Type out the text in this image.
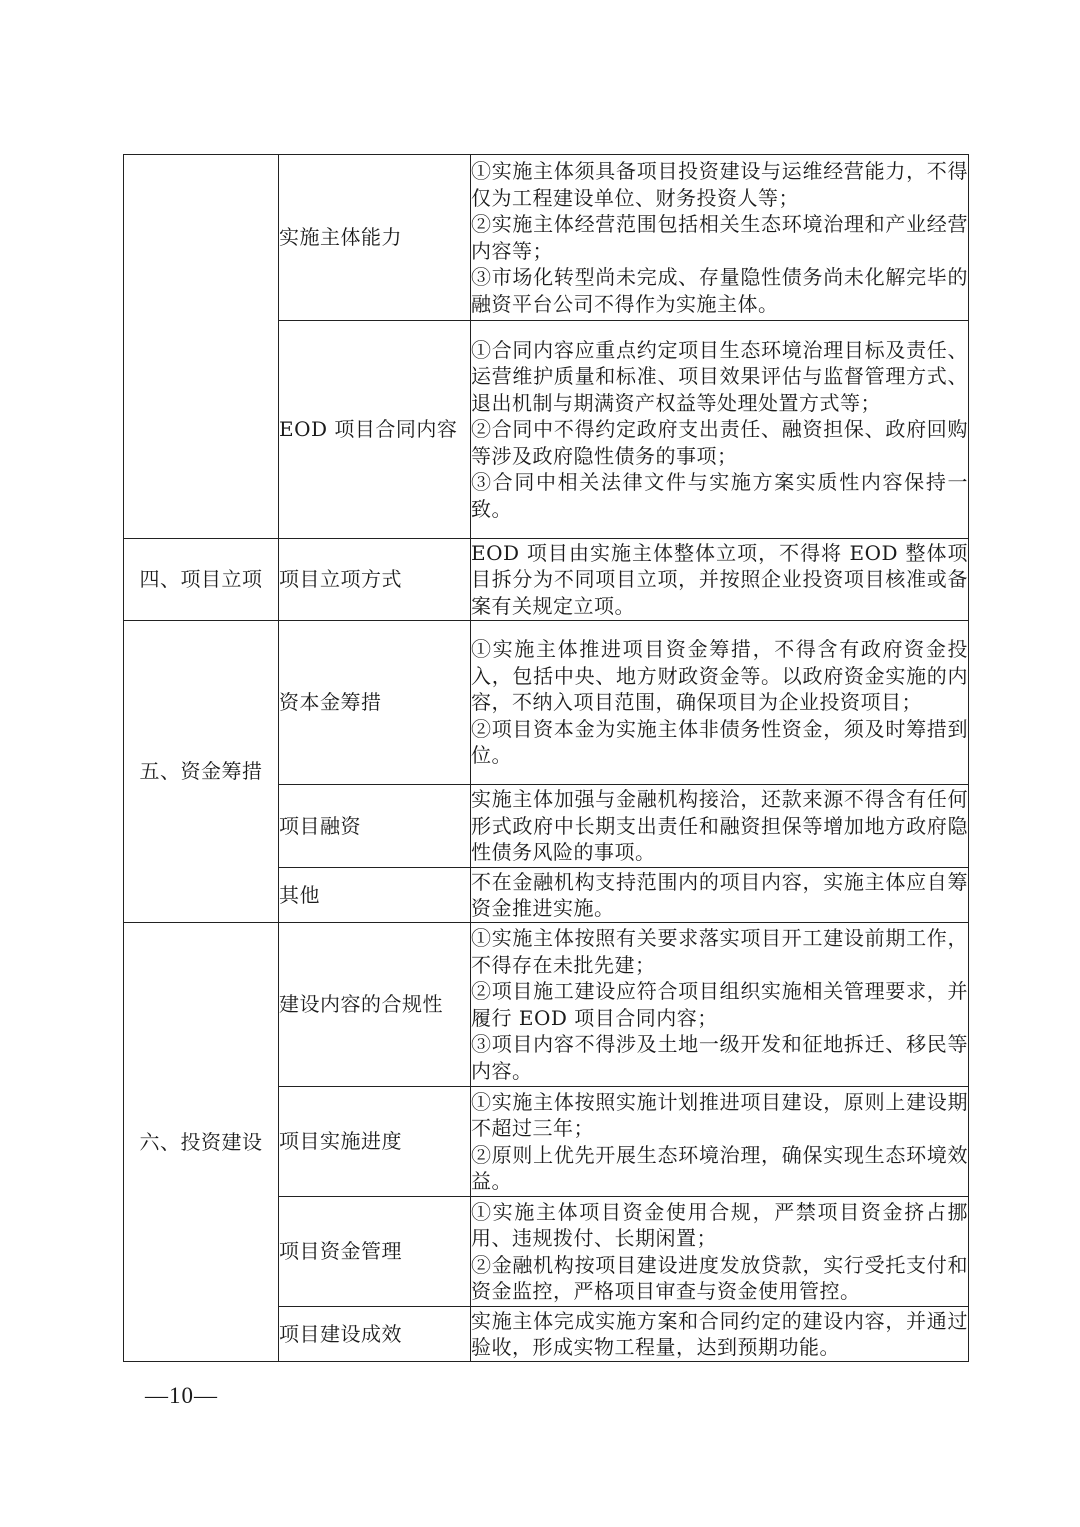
	实施主体能力	①实施主体须具备项目投资建设与运维经营能力，不得仅为工程建设单位、财务投资人等；
②实施主体经营范围包括相关生态环境治理和产业经营内容等；
③市场化转型尚未完成、存量隐性债务尚未化解完毕的融资平台公司不得作为实施主体。

	EOD 项目合同内容	①合同内容应重点约定项目生态环境治理目标及责任、运营维护质量和标准、项目效果评估与监督管理方式、退出机制与期满资产权益等处理处置方式等；
②合同中不得约定政府支出责任、融资担保、政府回购等涉及政府隐性债务的事项；
③合同中相关法律文件与实施方案实质性内容保持一致。

四、项目立项	项目立项方式	EOD 项目由实施主体整体立项，不得将 EOD 整体项目拆分为不同项目立项，并按照企业投资项目核准或备案有关规定立项。

五、资金筹措	资本金筹措	①实施主体推进项目资金筹措，不得含有政府资金投入，包括中央、地方财政资金等。以政府资金实施的内容，不纳入项目范围，确保项目为企业投资项目；
②项目资本金为实施主体非债务性资金，须及时筹措到位。

	项目融资	实施主体加强与金融机构接洽，还款来源不得含有任何形式政府中长期支出责任和融资担保等增加地方政府隐性债务风险的事项。

	其他	不在金融机构支持范围内的项目内容，实施主体应自筹资金推进实施。

六、投资建设	建设内容的合规性	①实施主体按照有关要求落实项目开工建设前期工作，不得存在未批先建；
②项目施工建设应符合项目组织实施相关管理要求，并履行 EOD 项目合同内容；
③项目内容不得涉及土地一级开发和征地拆迁、移民等内容。

	项目实施进度	①实施主体按照实施计划推进项目建设，原则上建设期不超过三年；
②原则上优先开展生态环境治理，确保实现生态环境效益。

	项目资金管理	①实施主体项目资金使用合规，严禁项目资金挤占挪用、违规拨付、长期闲置；
②金融机构按项目建设进度发放贷款，实行受托支付和资金监控，严格项目审查与资金使用管控。

	项目建设成效	实施主体完成实施方案和合同约定的建设内容，并通过验收，形成实物工程量，达到预期功能。
—10—
